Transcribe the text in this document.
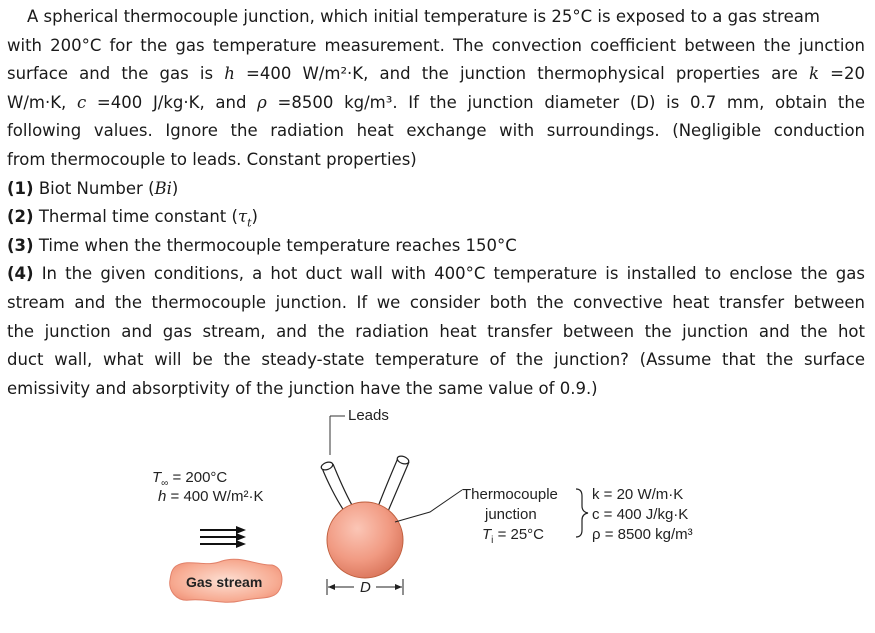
A spherical thermocouple junction, which initial temperature is 25°C is exposed to a gas stream
with 200°C for the gas temperature measurement. The convection coefficient between the junction
surface and the gas is h =400 W/m²·K, and the junction thermophysical properties are k =20
W/m·K, c =400 J/kg·K, and ρ =8500 kg/m³. If the junction diameter (D) is 0.7 mm, obtain the
following values. Ignore the radiation heat exchange with surroundings. (Negligible conduction
from thermocouple to leads. Constant properties)
(1) Biot Number (Bi)
(2) Thermal time constant $(\tau_t)$
(3) Time when the thermocouple temperature reaches 150°C
(4) In the given conditions, a hot duct wall with 400°C temperature is installed to enclose the gas
stream and the thermocouple junction. If we consider both the convective heat transfer between
the junction and gas stream, and the radiation heat transfer between the junction and the hot
duct wall, what will be the steady-state temperature of the junction? (Assume that the surface
emissivity and absorptivity of the junction have the same value of 0.9.)
Leads
D
$T_\infty = 200^\circ C$
h = 400 W/m²·K
Gas stream
Thermocouple
junction
$T_i = 25^\circ C$
k = 20 W/m·K
c = 400 J/kg·K
ρ = 8500 kg/m³
